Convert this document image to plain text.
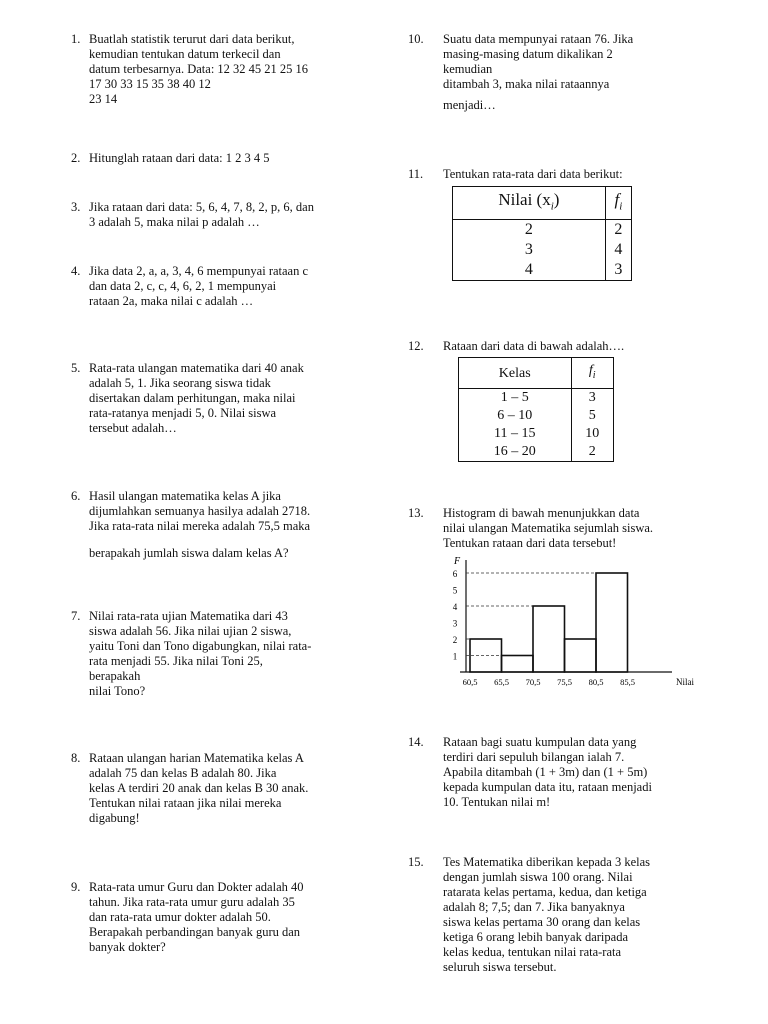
1. Buatlah statistik terurut dari data berikut,
kemudian tentukan datum terkecil dan
datum terbesarnya. Data: 12 32 45 21 25 16
17 30 33 15 35 38 40 12
23 14
2. Hitunglah rataan dari data: 1 2 3 4 5
3. Jika rataan dari data: 5, 6, 4, 7, 8, 2, p, 6, dan
3 adalah 5, maka nilai p adalah …
4. Jika data 2, a, a, 3, 4, 6 mempunyai rataan c
dan data 2, c, c, 4, 6, 2, 1 mempunyai
rataan 2a, maka nilai c adalah …
5. Rata-rata ulangan matematika dari 40 anak
adalah 5, 1. Jika seorang siswa tidak
disertakan dalam perhitungan, maka nilai
rata-ratanya menjadi 5, 0. Nilai siswa
tersebut adalah…
6. Hasil ulangan matematika kelas A jika
dijumlahkan semuanya hasilya adalah 2718.
Jika rata-rata nilai mereka adalah 75,5 maka
berapakah jumlah siswa dalam kelas A?
7. Nilai rata-rata ujian Matematika dari 43
siswa adalah 56. Jika nilai ujian 2 siswa,
yaitu Toni dan Tono digabungkan, nilai rata-
rata menjadi 55. Jika nilai Toni 25,
berapakah
nilai Tono?
8. Rataan ulangan harian Matematika kelas A
adalah 75 dan kelas B adalah 80. Jika
kelas A terdiri 20 anak dan kelas B 30 anak.
Tentukan nilai rataan jika nilai mereka
digabung!
9. Rata-rata umur Guru dan Dokter adalah 40
tahun. Jika rata-rata umur guru adalah 35
dan rata-rata umur dokter adalah 50.
Berapakah perbandingan banyak guru dan
banyak dokter?
10. Suatu data mempunyai rataan 76. Jika
masing-masing datum dikalikan 2
kemudian
ditambah 3, maka nilai rataannya
menjadi…
11. Tentukan rata-rata dari data berikut:
Nilai $(x_i)$	$f_i$
2	2
3	4
4	3
12. Rataan dari data di bawah adalah….
Kelas	$f_i$
1 – 5	3
6 – 10	5
11 – 15	10
16 – 20	2
13. Histogram di bawah menunjukkan data
nilai ulangan Matematika sejumlah siswa.
Tentukan rataan dari data tersebut!
F
Nilai
1
2
3
4
5
6
60,5 65,5 70,5 75,5 80,5 85,5
14. Rataan bagi suatu kumpulan data yang
terdiri dari sepuluh bilangan ialah 7.
Apabila ditambah (1 + 3m) dan (1 + 5m)
kepada kumpulan data itu, rataan menjadi
10. Tentukan nilai m!
15. Tes Matematika diberikan kepada 3 kelas
dengan jumlah siswa 100 orang. Nilai
ratarata kelas pertama, kedua, dan ketiga
adalah 8; 7,5; dan 7. Jika banyaknya
siswa kelas pertama 30 orang dan kelas
ketiga 6 orang lebih banyak daripada
kelas kedua, tentukan nilai rata-rata
seluruh siswa tersebut.
